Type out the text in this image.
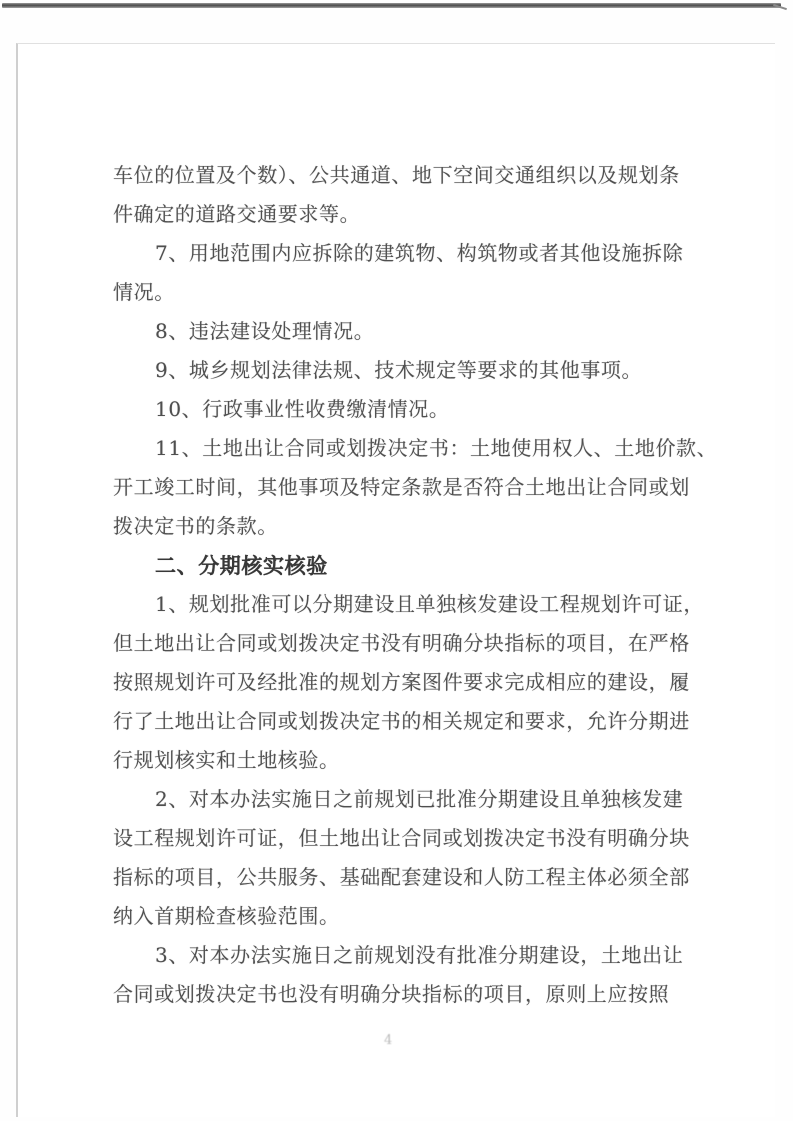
车位的位置及个数）、公共通道、地下空间交通组织以及规划条
件确定的道路交通要求等。
7、用地范围内应拆除的建筑物、构筑物或者其他设施拆除
情况。
8、违法建设处理情况。
9、城乡规划法律法规、技术规定等要求的其他事项。
10、行政事业性收费缴清情况。
11、土地出让合同或划拨决定书：土地使用权人、土地价款、
开工竣工时间，其他事项及特定条款是否符合土地出让合同或划
拨决定书的条款。
二、分期核实核验
1、规划批准可以分期建设且单独核发建设工程规划许可证，
但土地出让合同或划拨决定书没有明确分块指标的项目，在严格
按照规划许可及经批准的规划方案图件要求完成相应的建设，履
行了土地出让合同或划拨决定书的相关规定和要求，允许分期进
行规划核实和土地核验。
2、对本办法实施日之前规划已批准分期建设且单独核发建
设工程规划许可证，但土地出让合同或划拨决定书没有明确分块
指标的项目，公共服务、基础配套建设和人防工程主体必须全部
纳入首期检查核验范围。
3、对本办法实施日之前规划没有批准分期建设，土地出让
合同或划拨决定书也没有明确分块指标的项目，原则上应按照
4
